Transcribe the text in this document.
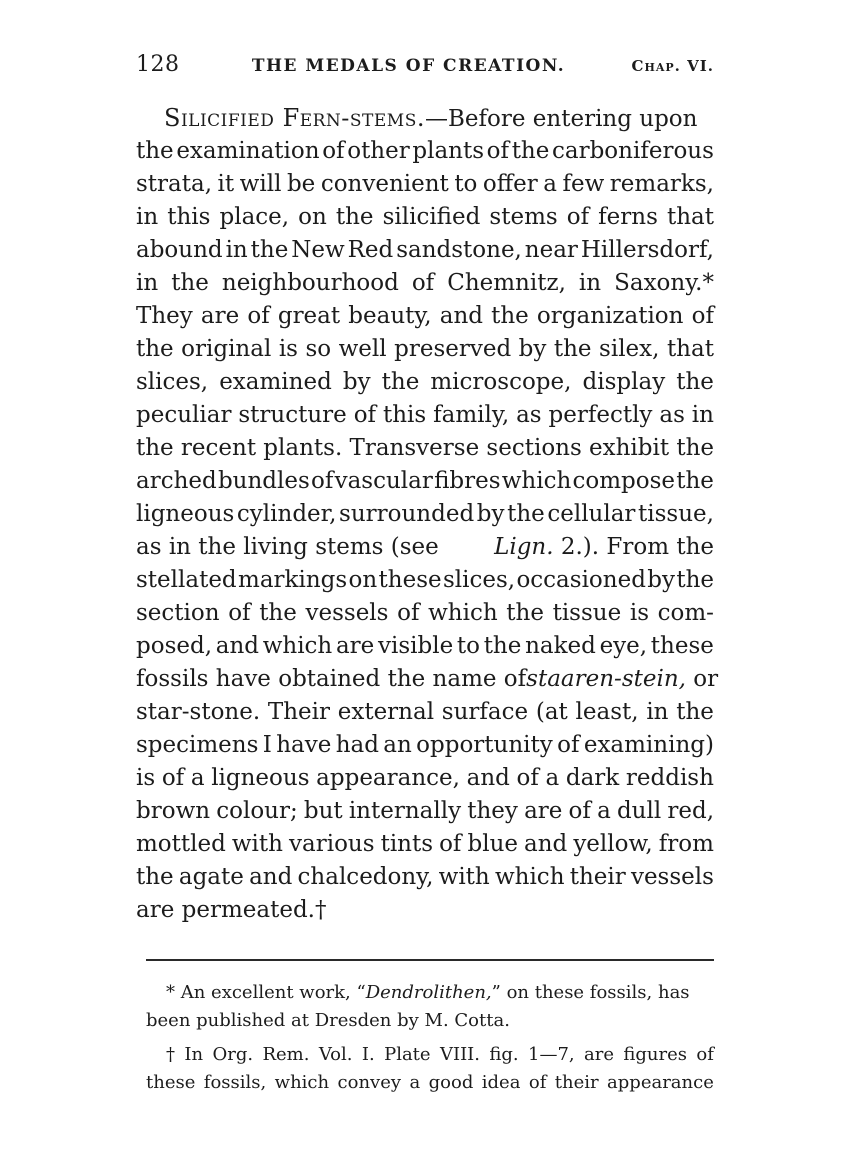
128	THE MEDALS OF CREATION.	Chap. VI.
Silicified Fern-stems.—Before entering upon
the examination of other plants of the carboniferous
strata, it will be convenient to offer a few remarks,
in this place, on the silicified stems of ferns that
abound in the New Red sandstone, near Hillersdorf,
in the neighbourhood of Chemnitz, in Saxony.*
They are of great beauty, and the organization of
the original is so well preserved by the silex, that
slices, examined by the microscope, display the
peculiar structure of this family, as perfectly as in
the recent plants. Transverse sections exhibit the
arched bundles of vascular fibres which compose the
ligneous cylinder, surrounded by the cellular tissue,
as in the living stems (see Lign. 2.). From the
stellated markings on these slices, occasioned by the
section of the vessels of which the tissue is com-
posed, and which are visible to the naked eye, these
fossils have obtained the name of staaren-stein, or
star-stone. Their external surface (at least, in the
specimens I have had an opportunity of examining)
is of a ligneous appearance, and of a dark reddish
brown colour; but internally they are of a dull red,
mottled with various tints of blue and yellow, from
the agate and chalcedony, with which their vessels
are permeated.†
* An excellent work, “Dendrolithen,” on these fossils, has
been published at Dresden by M. Cotta.
† In Org. Rem. Vol. I. Plate VIII. fig. 1—7, are figures of
these fossils, which convey a good idea of their appearance
